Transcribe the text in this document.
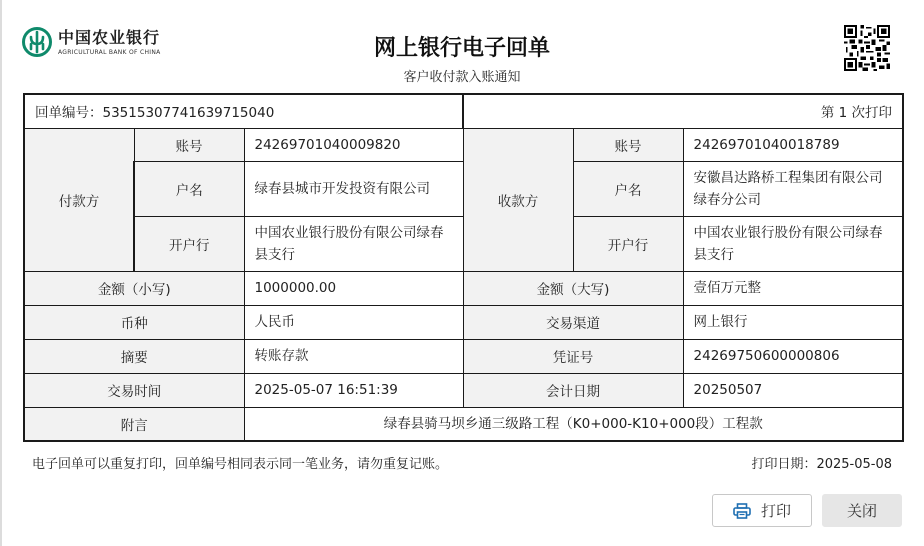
中国农业银行
AGRICULTURAL BANK OF CHINA	网上银行电子回单
客户收付款入账通知
回单编号：53515307741639715040			第 1 次打印		
付款方	账号	24269701040009820	收款方	账号	24269701040018789
	户名	绿春县城市开发投资有限公司		户名	安徽昌达路桥工程集团有限公司绿春分公司
	开户行	中国农业银行股份有限公司绿春县支行		开户行	中国农业银行股份有限公司绿春县支行
金额（小写)		1000000.00	金额（大写)		壹佰万元整
币种		人民币	交易渠道		网上银行
摘要		转账存款	凭证号		24269750600000806
交易时间		2025-05-07 16:51:39	会计日期		20250507
附言		绿春县骑马坝乡通三级路工程（K0+000-K10+000段）工程款			
电子回单可以重复打印，回单编号相同表示同一笔业务，请勿重复记账。	打印日期：2025-05-08
打印	关闭
